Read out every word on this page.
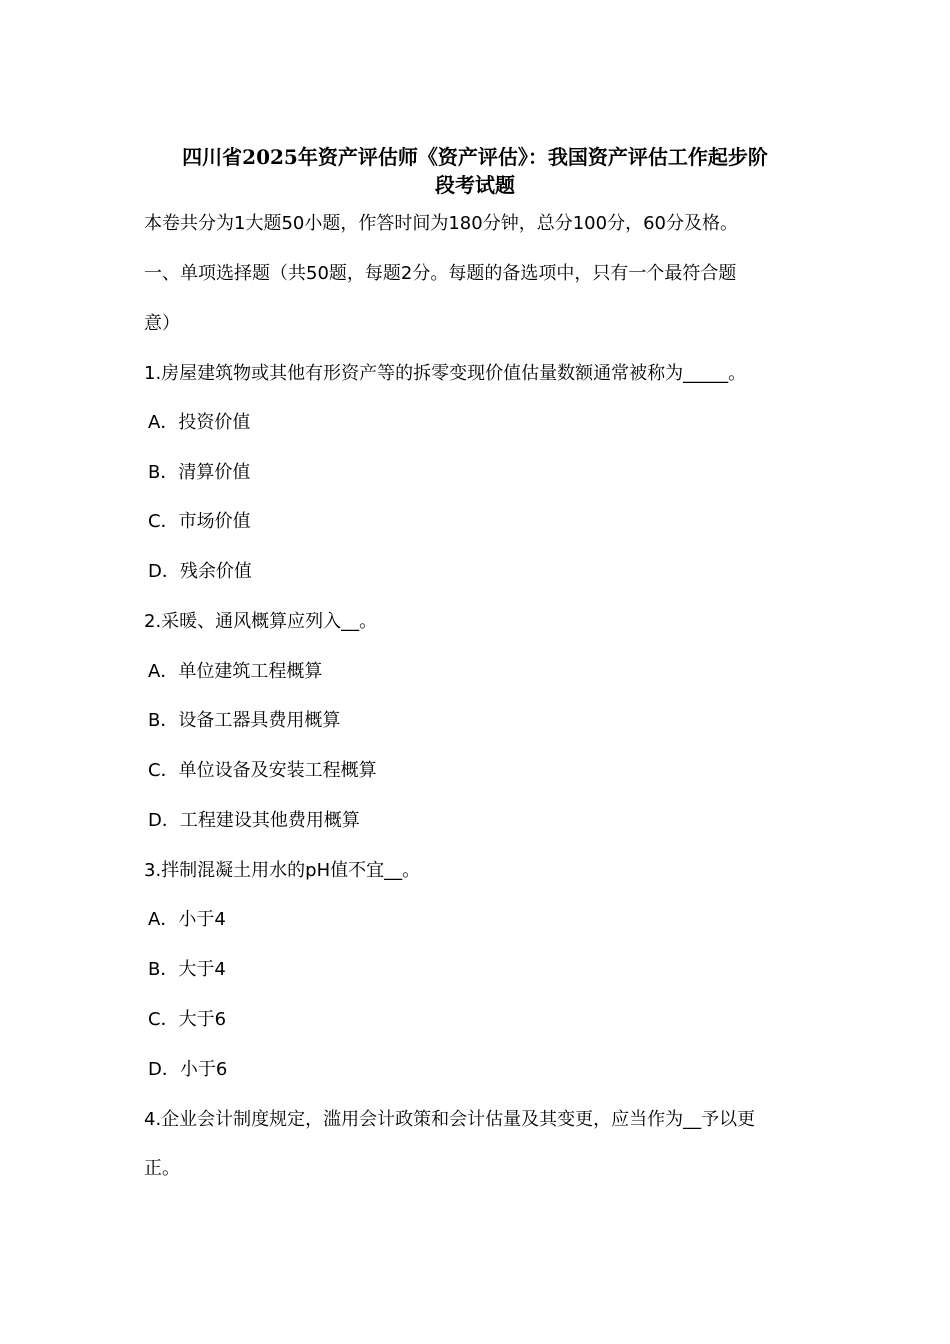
四川省2025年资产评估师《资产评估》：我国资产评估工作起步阶
段考试题
本卷共分为1大题50小题，作答时间为180分钟，总分100分，60分及格。
一、单项选择题（共50题，每题2分。每题的备选项中，只有一个最符合题
意）
1.房屋建筑物或其他有形资产等的拆零变现价值估量数额通常被称为_____。
A．投资价值
B．清算价值
C．市场价值
D．残余价值
2.采暖、通风概算应列入__。
A．单位建筑工程概算
B．设备工器具费用概算
C．单位设备及安装工程概算
D．工程建设其他费用概算
3.拌制混凝土用水的pH值不宜__。
A．小于4
B．大于4
C．大于6
D．小于6
4.企业会计制度规定，滥用会计政策和会计估量及其变更，应当作为__予以更
正。
